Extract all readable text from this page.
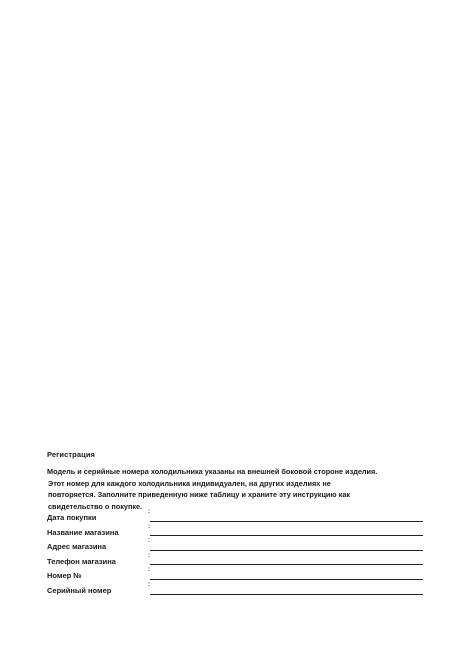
Регистрация
Модель и серийные номера холодильника указаны на внешней боковой стороне изделия.
Этот номер для каждого холодильника индивидуален, на других изделиях не
повторяется. Заполните приведенную ниже таблицу и храните эту инструкцию как
свидетельство о покупке.
Дата покупки
:
Название магазина
:
Адрес магазина
:
Телефон магазина
:
Номер №
:
Серийный номер
:
